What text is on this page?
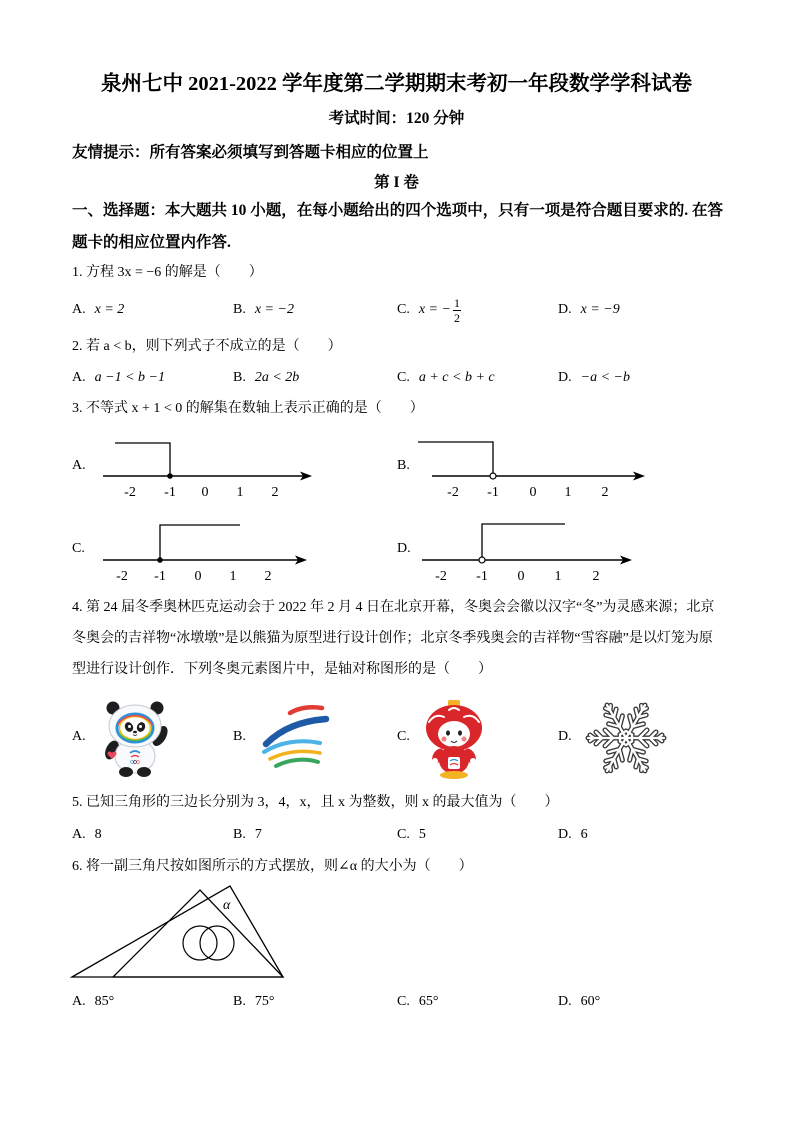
泉州七中 2021-2022 学年度第二学期期末考初一年段数学学科试卷
考试时间：120 分钟
友情提示：所有答案必须填写到答题卡相应的位置上
第 I 卷
一、选择题：本大题共 10 小题，在每小题给出的四个选项中，只有一项是符合题目要求的. 在答题卡的相应位置内作答.
1. 方程 3x = −6 的解是（　　）
A. x = 2	B. x = −2	C. x = − $\frac{1}{2}$	D. x = −9
2. 若 a < b，则下列式子不成立的是（　　）
A. a −1 < b −1	B. 2a < 2b	C. a + c < b + c	D. −a < −b
3. 不等式 x + 1 < 0 的解集在数轴上表示正确的是（　　）
A.
-2 -1 0 1 2
B.
-2 -1 0 1 2
C.
-2 -1 0 1 2
D.
-2 -1 0 1 2
4. 第 24 届冬季奥林匹克运动会于 2022 年 2 月 4 日在北京开幕，冬奥会会徽以汉字“冬”为灵感来源；北京冬奥会的吉祥物“冰墩墩”是以熊猫为原型进行设计创作；北京冬季残奥会的吉祥物“雪容融”是以灯笼为原型进行设计创作．下列冬奥元素图片中，是轴对称图形的是（　　）
A.	B.	C.	D.
5. 已知三角形的三边长分别为 3，4，x，且 x 为整数，则 x 的最大值为（　　）
A. 8	B. 7	C. 5	D. 6
6. 将一副三角尺按如图所示的方式摆放，则∠α 的大小为（　　）
α
A. 85°	B. 75°	C. 65°	D. 60°
